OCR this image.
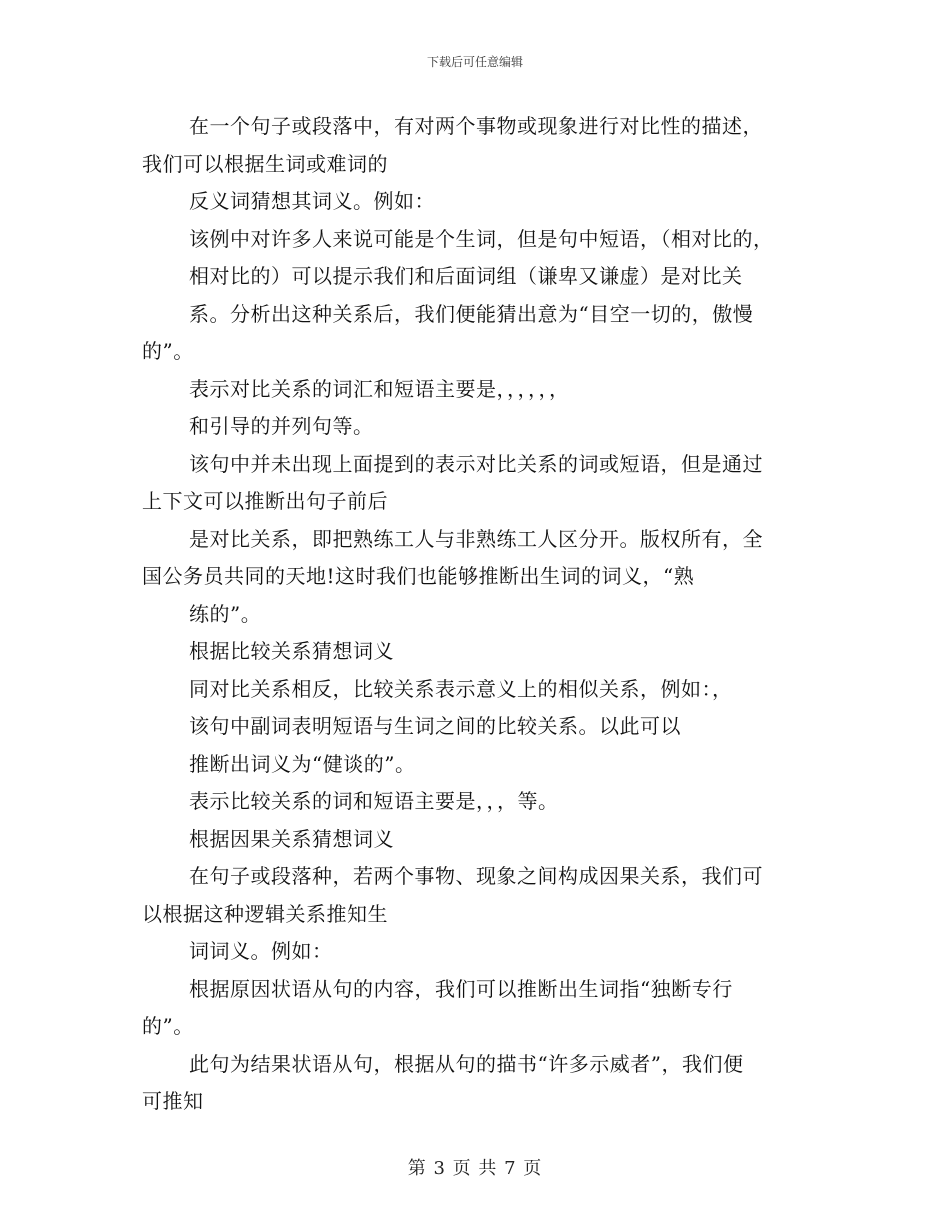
下载后可任意编辑
在一个句子或段落中，有对两个事物或现象进行对比性的描述，
我们可以根据生词或难词的
反义词猜想其词义。例如：
该例中对许多人来说可能是个生词，但是句中短语，（相对比的，
相对比的）可以提示我们和后面词组（谦卑又谦虚）是对比关
系。分析出这种关系后，我们便能猜出意为“目空一切的，傲慢
的”。
表示对比关系的词汇和短语主要是，，，，，，
和引导的并列句等。
该句中并未出现上面提到的表示对比关系的词或短语，但是通过
上下文可以推断出句子前后
是对比关系，即把熟练工人与非熟练工人区分开。版权所有，全
国公务员共同的天地!这时我们也能够推断出生词的词义，“熟
练的”。
根据比较关系猜想词义
同对比关系相反，比较关系表示意义上的相似关系，例如：，
该句中副词表明短语与生词之间的比较关系。以此可以
推断出词义为“健谈的”。
表示比较关系的词和短语主要是，，，等。
根据因果关系猜想词义
在句子或段落种，若两个事物、现象之间构成因果关系，我们可
以根据这种逻辑关系推知生
词词义。例如：
根据原因状语从句的内容，我们可以推断出生词指“独断专行
的”。
此句为结果状语从句，根据从句的描书“许多示威者”，我们便
可推知
第 3 页 共 7 页
